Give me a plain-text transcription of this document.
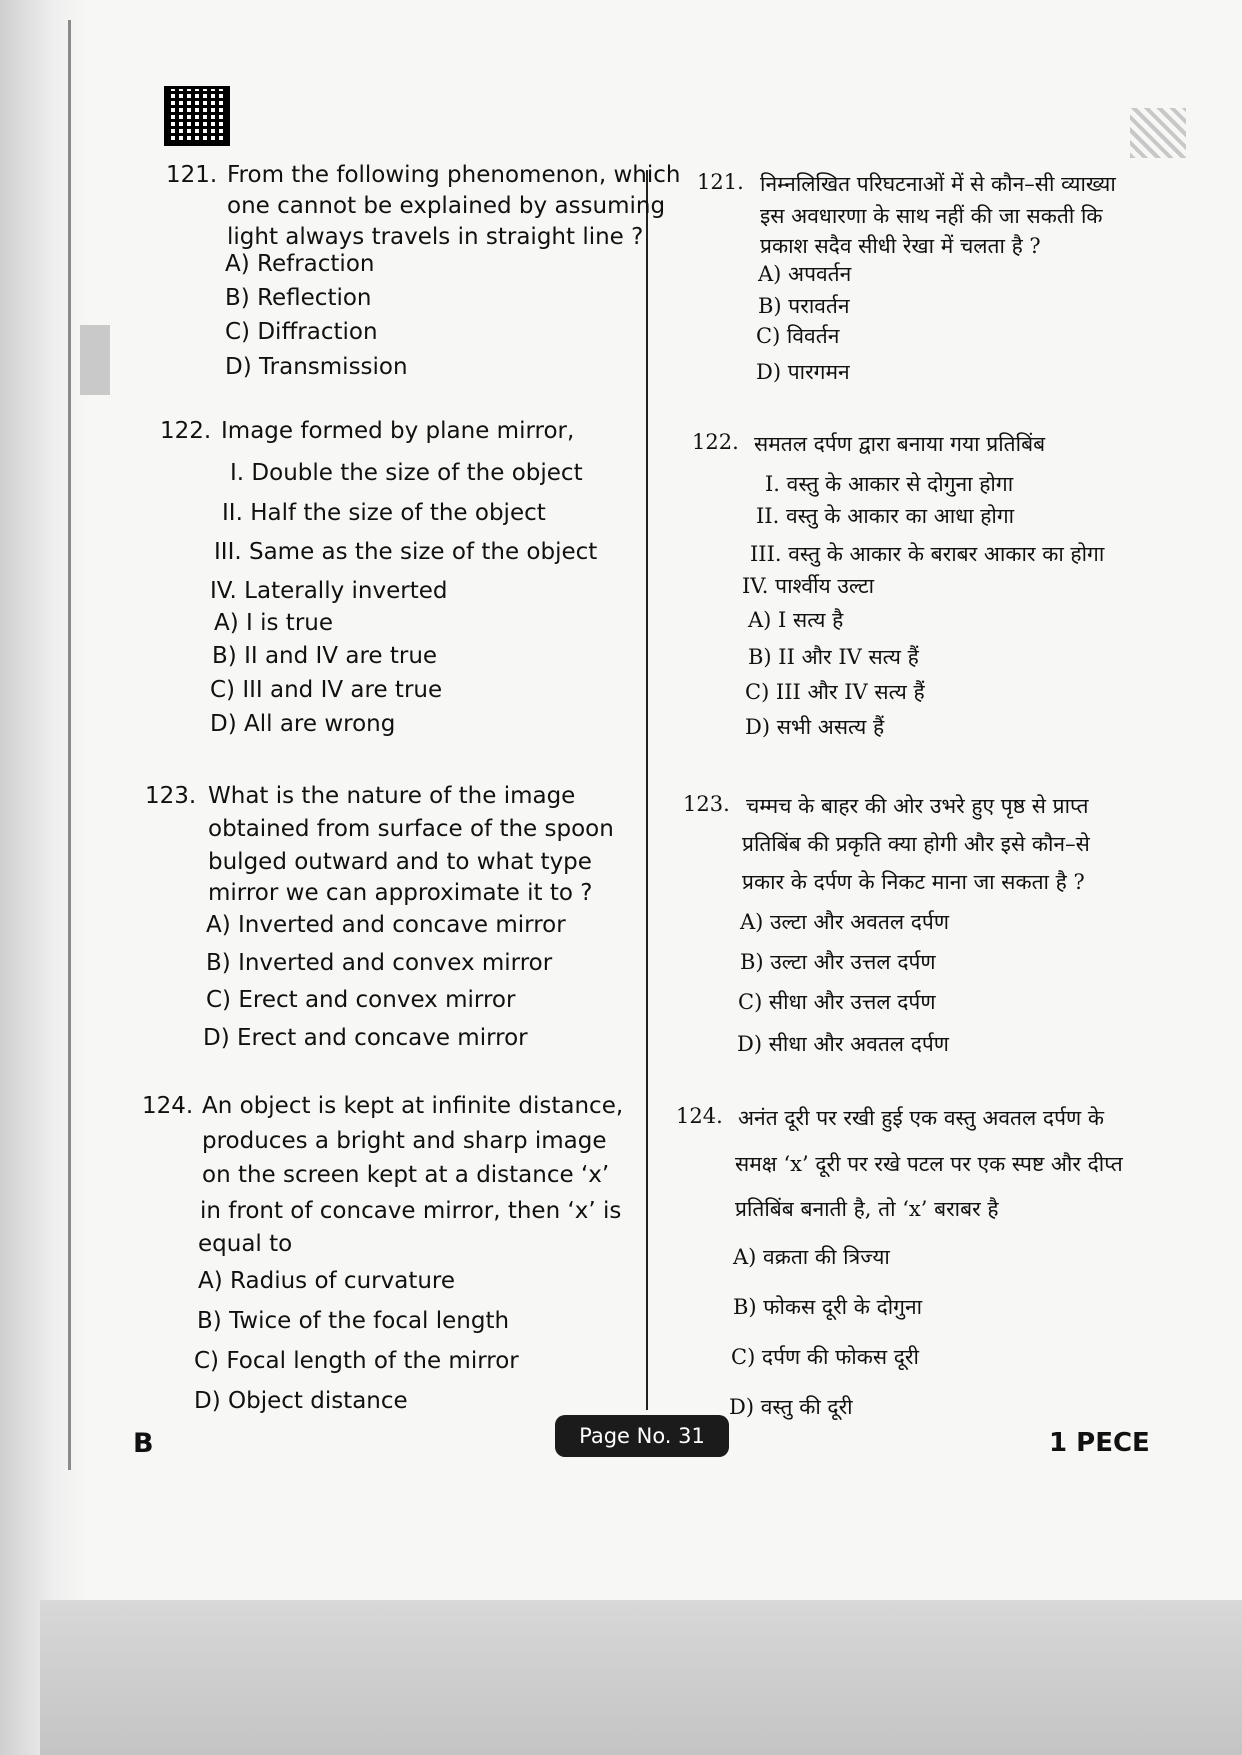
121. From the following phenomenon, which
one cannot be explained by assuming
light always travels in straight line ?
A) Refraction
B) Reflection
C) Diffraction
D) Transmission
122. Image formed by plane mirror,
I. Double the size of the object
II. Half the size of the object
III. Same as the size of the object
IV. Laterally inverted
A) I is true
B) II and IV are true
C) III and IV are true
D) All are wrong
123. What is the nature of the image
obtained from surface of the spoon
bulged outward and to what type
mirror we can approximate it to ?
A) Inverted and concave mirror
B) Inverted and convex mirror
C) Erect and convex mirror
D) Erect and concave mirror
124. An object is kept at infinite distance,
produces a bright and sharp image
on the screen kept at a distance ‘x’
in front of concave mirror, then ‘x’ is
equal to
A) Radius of curvature
B) Twice of the focal length
C) Focal length of the mirror
D) Object distance
121. निम्नलिखित परिघटनाओं में से कौन–सी व्याख्या
इस अवधारणा के साथ नहीं की जा सकती कि
प्रकाश सदैव सीधी रेखा में चलता है ?
A) अपवर्तन
B) परावर्तन
C) विवर्तन
D) पारगमन
122. समतल दर्पण द्वारा बनाया गया प्रतिबिंब
I. वस्तु के आकार से दोगुना होगा
II. वस्तु के आकार का आधा होगा
III. वस्तु के आकार के बराबर आकार का होगा
IV. पार्श्वीय उल्टा
A) I सत्य है
B) II और IV सत्य हैं
C) III और IV सत्य हैं
D) सभी असत्य हैं
123. चम्मच के बाहर की ओर उभरे हुए पृष्ठ से प्राप्त
प्रतिबिंब की प्रकृति क्या होगी और इसे कौन–से
प्रकार के दर्पण के निकट माना जा सकता है ?
A) उल्टा और अवतल दर्पण
B) उल्टा और उत्तल दर्पण
C) सीधा और उत्तल दर्पण
D) सीधा और अवतल दर्पण
124. अनंत दूरी पर रखी हुई एक वस्तु अवतल दर्पण के
समक्ष ‘x’ दूरी पर रखे पटल पर एक स्पष्ट और दीप्त
प्रतिबिंब बनाती है, तो ‘x’ बराबर है
A) वक्रता की त्रिज्या
B) फोकस दूरी के दोगुना
C) दर्पण की फोकस दूरी
D) वस्तु की दूरी
B	Page No. 31	1 PECE
